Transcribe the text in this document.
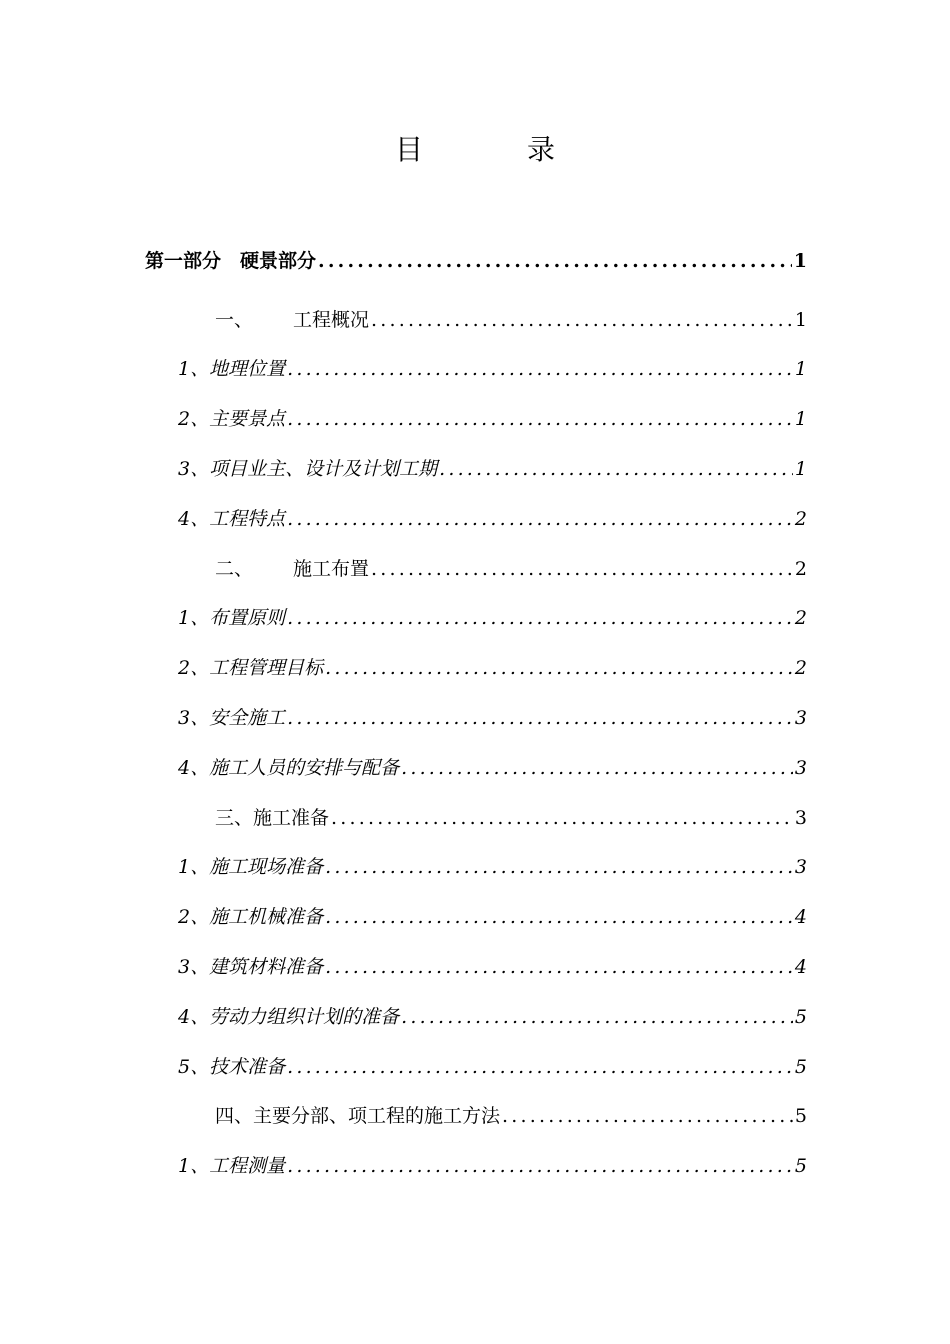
目　录
第一部分　硬景部分 .....	1
一、 工程概况 .....	1
1、地理位置 .....	1
2、主要景点 .....	1
3、项目业主、设计及计划工期 .....	1
4、工程特点 .....	2
二、 施工布置 .....	2
1、布置原则 .....	2
2、工程管理目标 .....	2
3、安全施工 .....	3
4、施工人员的安排与配备 .....	3
三、施工准备 .....	3
1、施工现场准备 .....	3
2、施工机械准备 .....	4
3、建筑材料准备 .....	4
4、劳动力组织计划的准备 .....	5
5、技术准备 .....	5
四、主要分部、项工程的施工方法 .....	5
1、工程测量 .....	5
